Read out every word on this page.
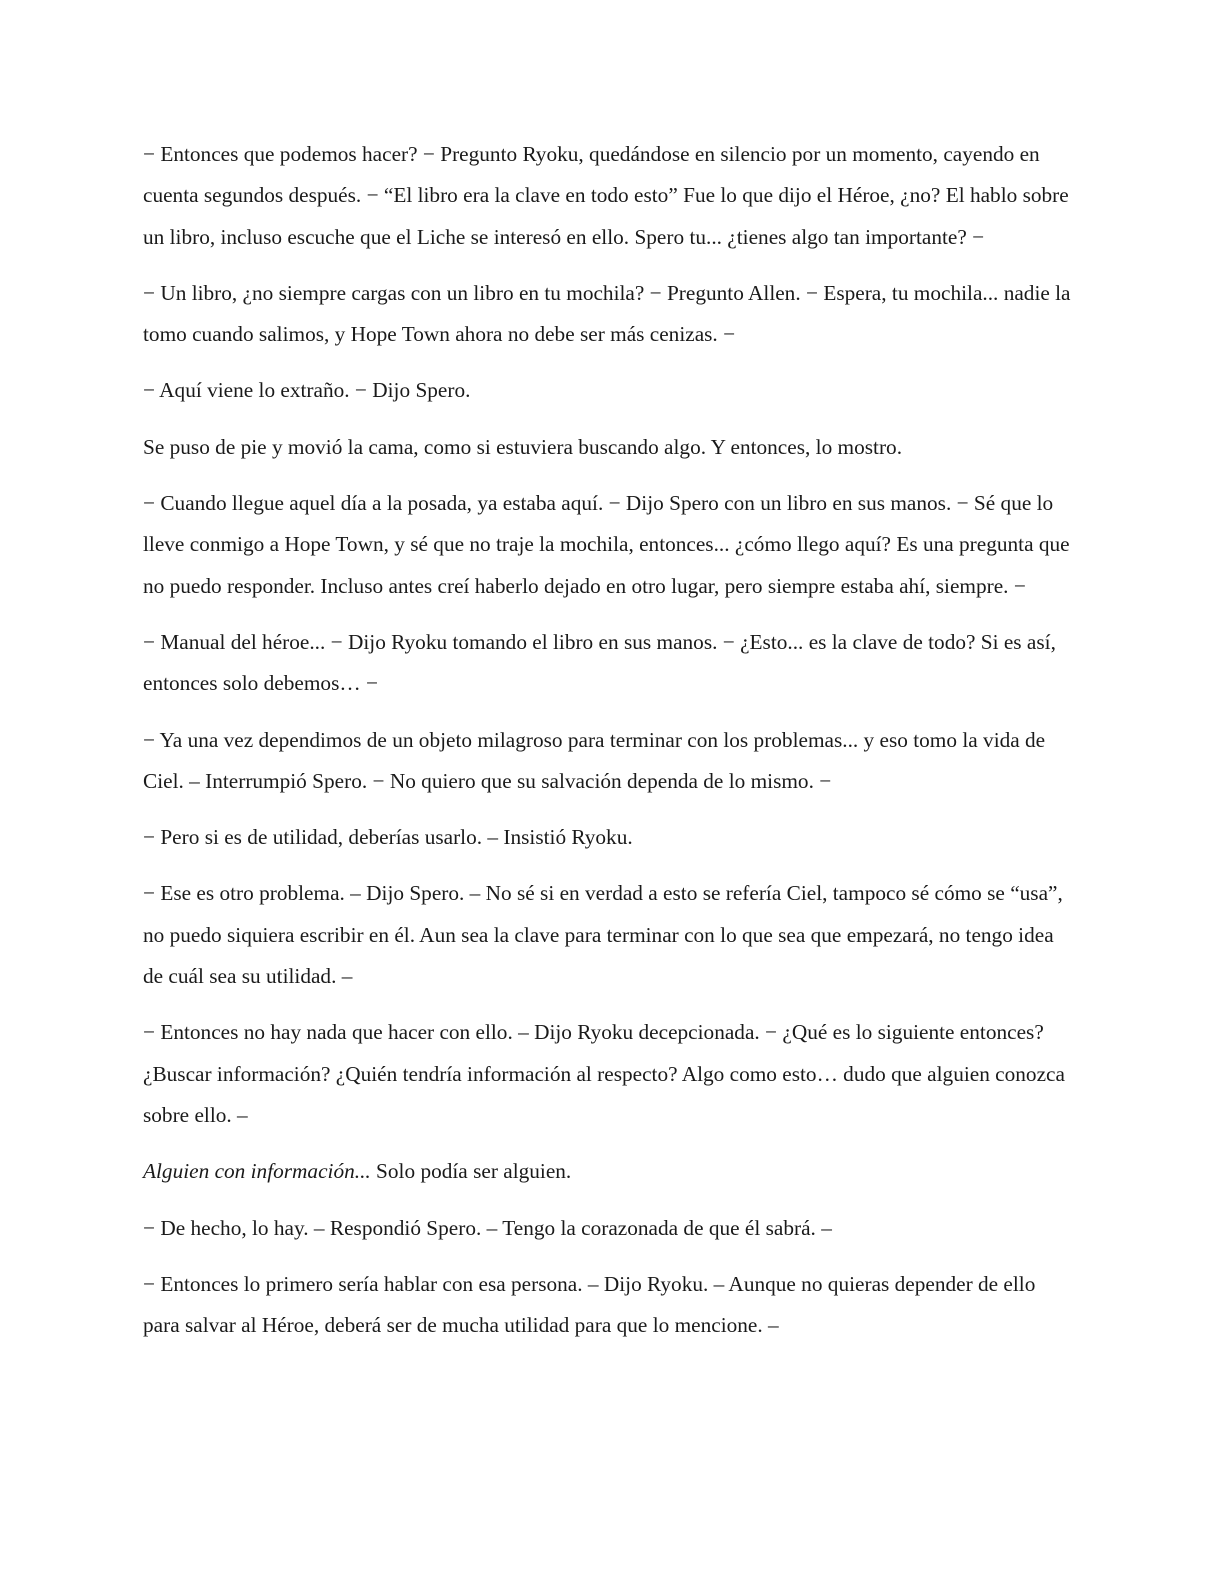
− Entonces que podemos hacer? − Pregunto Ryoku, quedándose en silencio por un momento, cayendo en cuenta segundos después. − “El libro era la clave en todo esto” Fue lo que dijo el Héroe, ¿no? El hablo sobre un libro, incluso escuche que el Liche se interesó en ello. Spero tu... ¿tienes algo tan importante? −

− Un libro, ¿no siempre cargas con un libro en tu mochila? − Pregunto Allen. − Espera, tu mochila... nadie la tomo cuando salimos, y Hope Town ahora no debe ser más cenizas. −

− Aquí viene lo extraño. − Dijo Spero.

Se puso de pie y movió la cama, como si estuviera buscando algo. Y entonces, lo mostro.

− Cuando llegue aquel día a la posada, ya estaba aquí. − Dijo Spero con un libro en sus manos. − Sé que lo lleve conmigo a Hope Town, y sé que no traje la mochila, entonces... ¿cómo llego aquí? Es una pregunta que no puedo responder. Incluso antes creí haberlo dejado en otro lugar, pero siempre estaba ahí, siempre. −

− Manual del héroe... − Dijo Ryoku tomando el libro en sus manos. − ¿Esto... es la clave de todo? Si es así, entonces solo debemos… −

− Ya una vez dependimos de un objeto milagroso para terminar con los problemas... y eso tomo la vida de Ciel. – Interrumpió Spero. − No quiero que su salvación dependa de lo mismo. −

− Pero si es de utilidad, deberías usarlo. – Insistió Ryoku.

− Ese es otro problema. – Dijo Spero. – No sé si en verdad a esto se refería Ciel, tampoco sé cómo se “usa”, no puedo siquiera escribir en él. Aun sea la clave para terminar con lo que sea que empezará, no tengo idea de cuál sea su utilidad. –

− Entonces no hay nada que hacer con ello. – Dijo Ryoku decepcionada. − ¿Qué es lo siguiente entonces? ¿Buscar información? ¿Quién tendría información al respecto? Algo como esto… dudo que alguien conozca sobre ello. –

Alguien con información... Solo podía ser alguien.

− De hecho, lo hay. – Respondió Spero. – Tengo la corazonada de que él sabrá. –

− Entonces lo primero sería hablar con esa persona. – Dijo Ryoku. – Aunque no quieras depender de ello para salvar al Héroe, deberá ser de mucha utilidad para que lo mencione. –
